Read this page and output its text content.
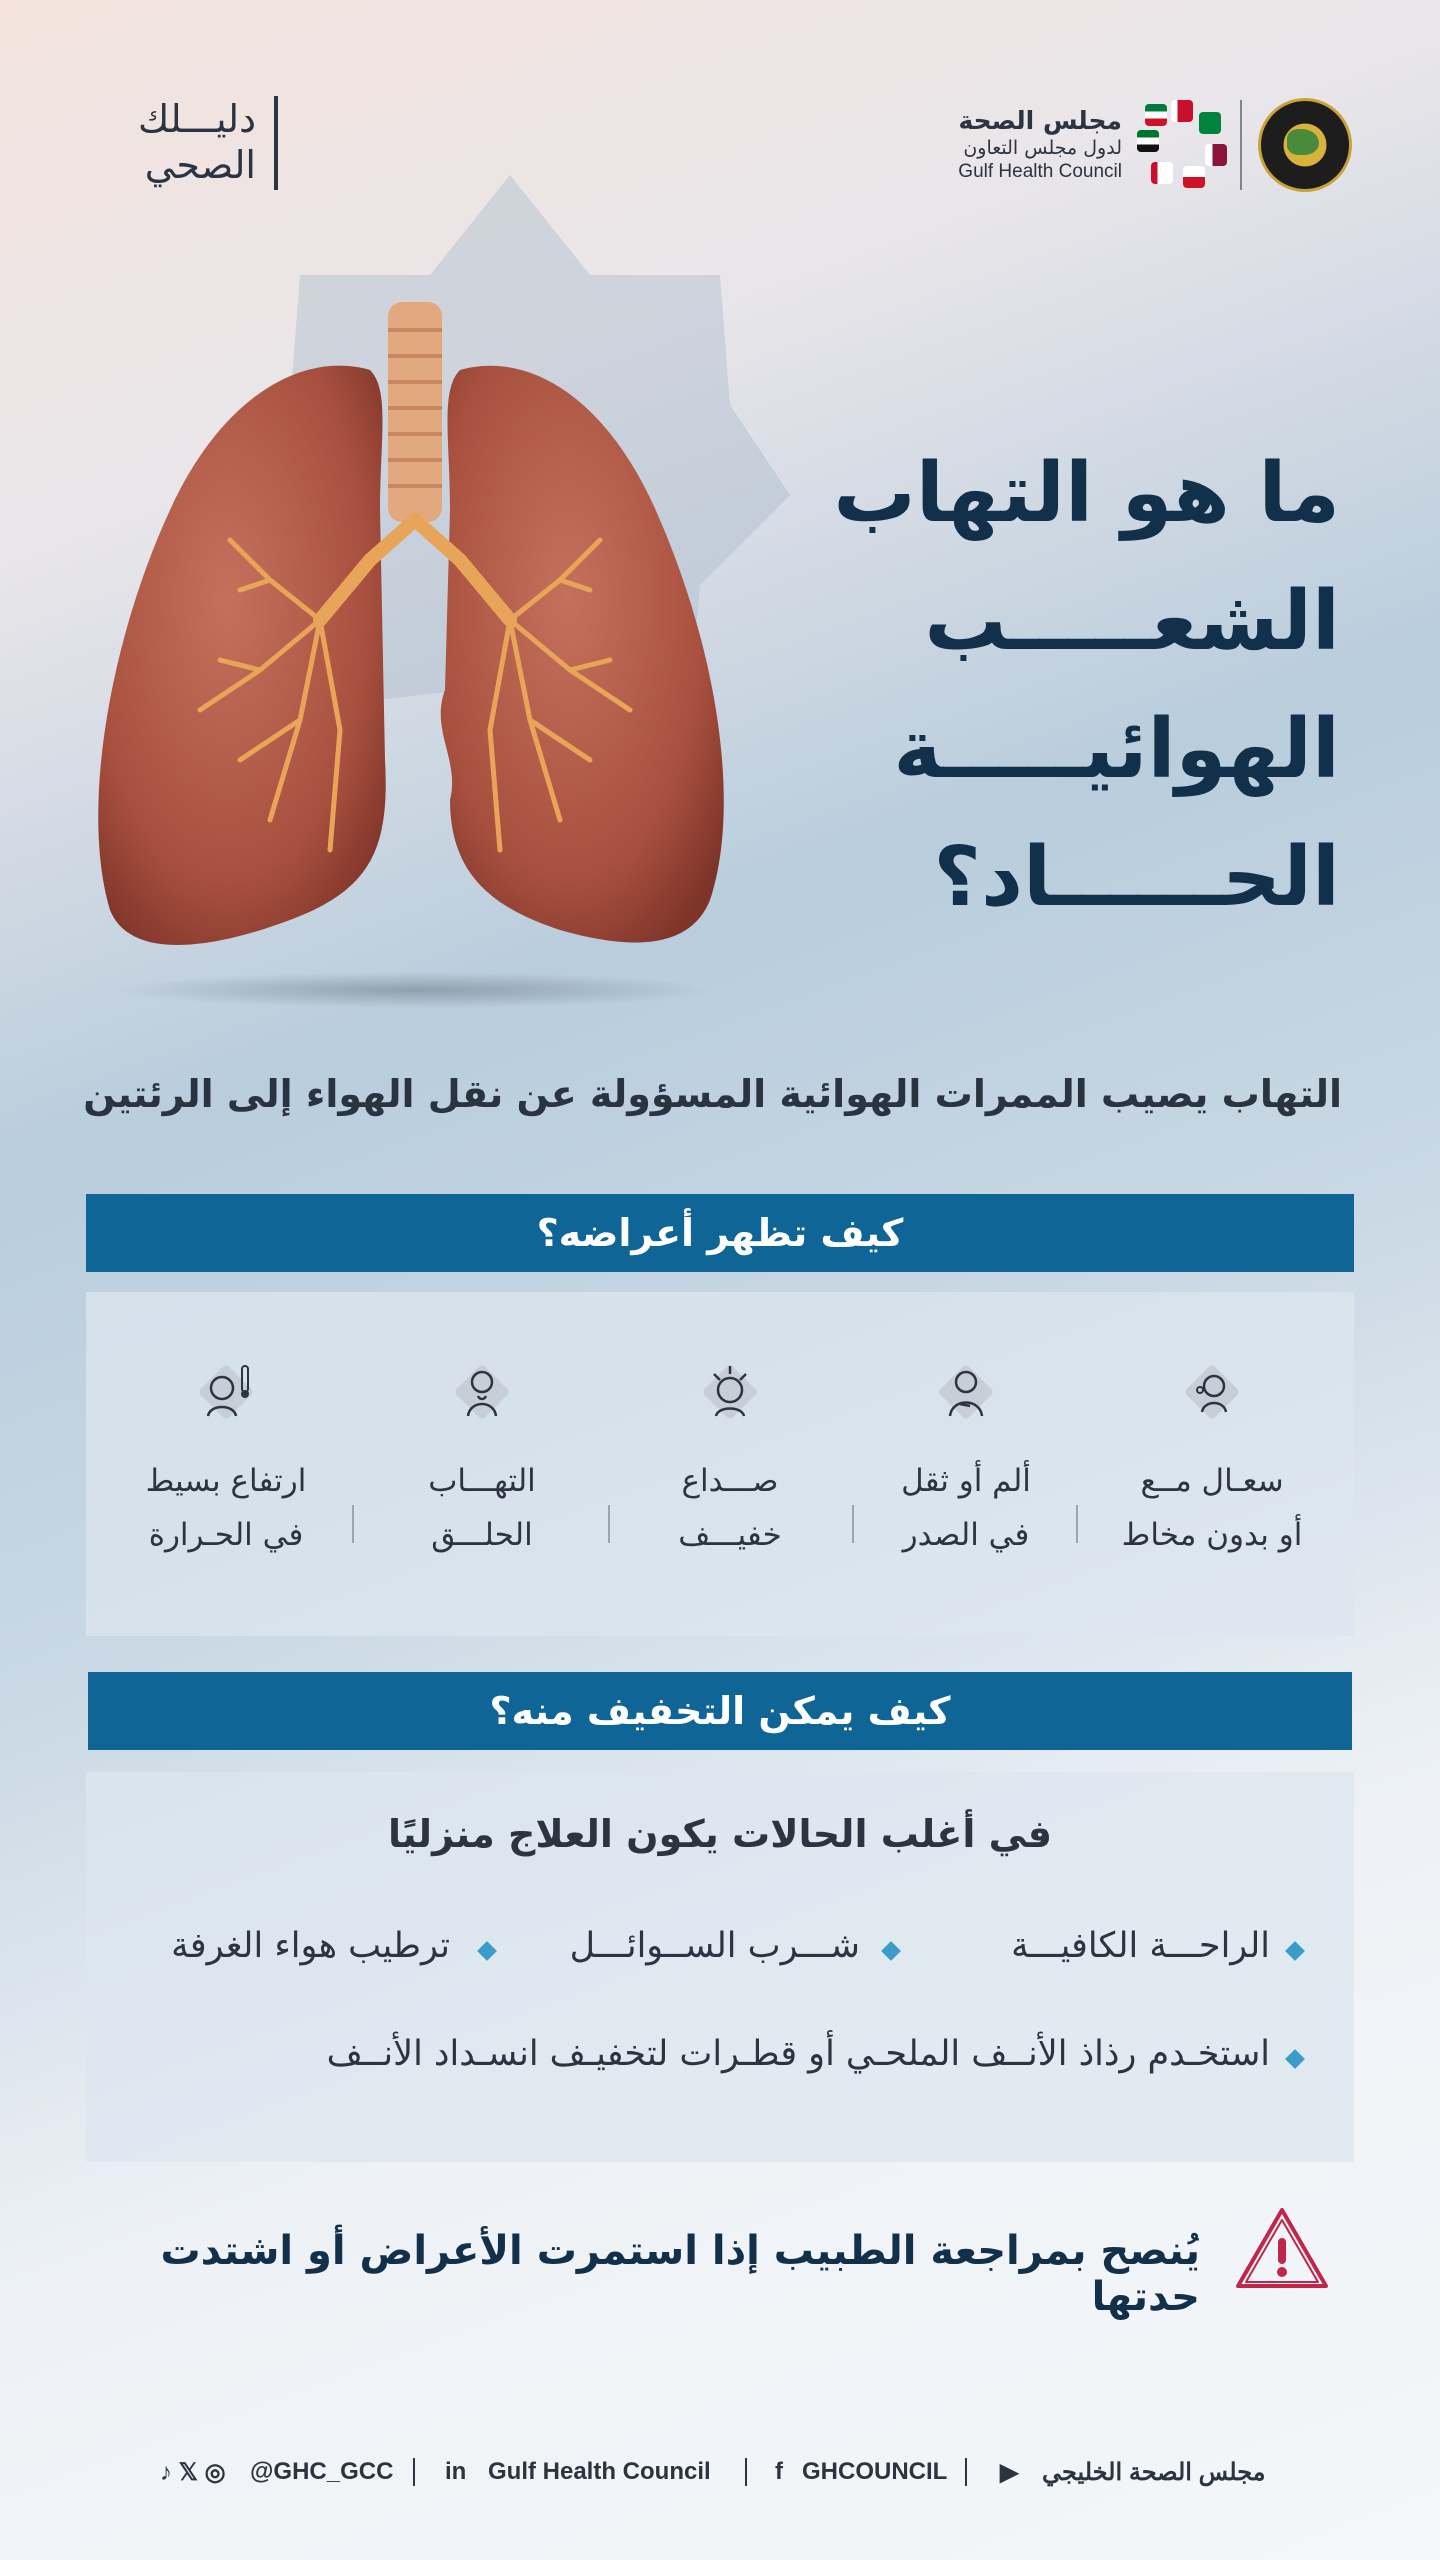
دليـــلك
الصحي
مجلس الصحة
لدول مجلس التعاون
Gulf Health Council
ما هو التهاب
الشعـــــب
الهوائيـــــة
الحــــــاد؟
التهاب يصيب الممرات الهوائية المسؤولة عن نقل الهواء إلى الرئتين
كيف تظهر أعراضه؟
سعـال مــع
أو بدون مخاط
ألم أو ثقل
في الصدر
صـــداع
خفيـــف
التهـــاب
الحلـــق
ارتفاع بسيط
في الحـرارة
كيف يمكن التخفيف منه؟
في أغلب الحالات يكون العلاج منزليًا
الراحـــة الكافيـــة
شـــرب الســوائـــل
ترطيب هواء الغرفة
استخـدم رذاذ الأنــف الملحـي أو قطـرات لتخفيـف انسـداد الأنــف
يُنصح بمراجعة الطبيب إذا استمرت الأعراض أو اشتدت حدتها
♪ 𝕏 ◎ @GHC_GCC in Gulf Health Council	f GHCOUNCIL ▶ مجلس الصحة الخليجي
